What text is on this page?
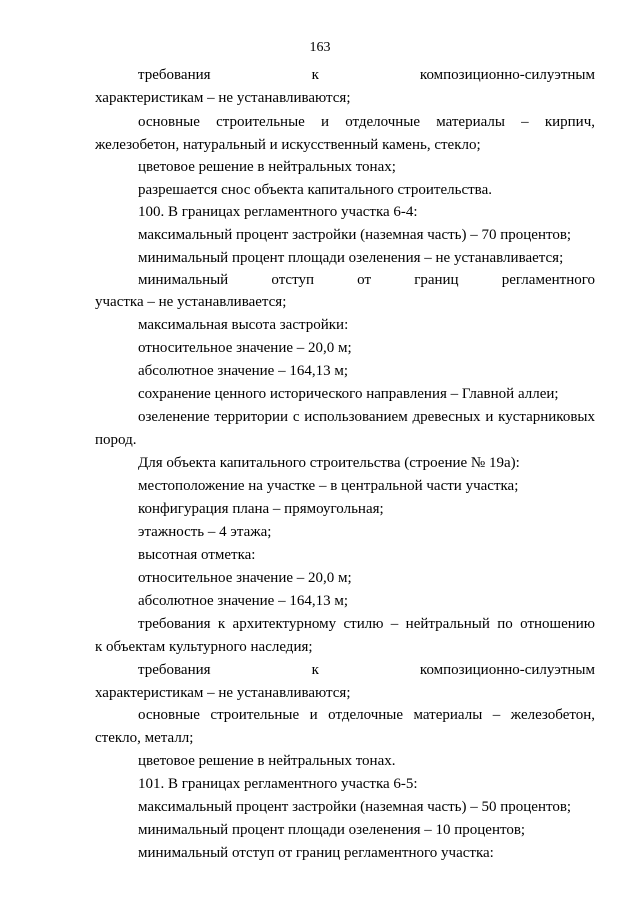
163
требования к композиционно-силуэтным
характеристикам – не устанавливаются;
основные строительные и отделочные материалы – кирпич,
железобетон, натуральный и искусственный камень, стекло;
цветовое решение в нейтральных тонах;
разрешается снос объекта капитального строительства.
100. В границах регламентного участка 6-4:
максимальный процент застройки (наземная часть) – 70 процентов;
минимальный процент площади озеленения – не устанавливается;
минимальный отступ от границ регламентного
участка – не устанавливается;
максимальная высота застройки:
относительное значение – 20,0 м;
абсолютное значение – 164,13 м;
сохранение ценного исторического направления – Главной аллеи;
озеленение территории с использованием древесных и кустарниковых
пород.
Для объекта капитального строительства (строение № 19а):
местоположение на участке – в центральной части участка;
конфигурация плана – прямоугольная;
этажность – 4 этажа;
высотная отметка:
относительное значение – 20,0 м;
абсолютное значение – 164,13 м;
требования к архитектурному стилю – нейтральный по отношению
к объектам культурного наследия;
требования к композиционно-силуэтным
характеристикам – не устанавливаются;
основные строительные и отделочные материалы – железобетон,
стекло, металл;
цветовое решение в нейтральных тонах.
101. В границах регламентного участка 6-5:
максимальный процент застройки (наземная часть) – 50 процентов;
минимальный процент площади озеленения – 10 процентов;
минимальный отступ от границ регламентного участка:
